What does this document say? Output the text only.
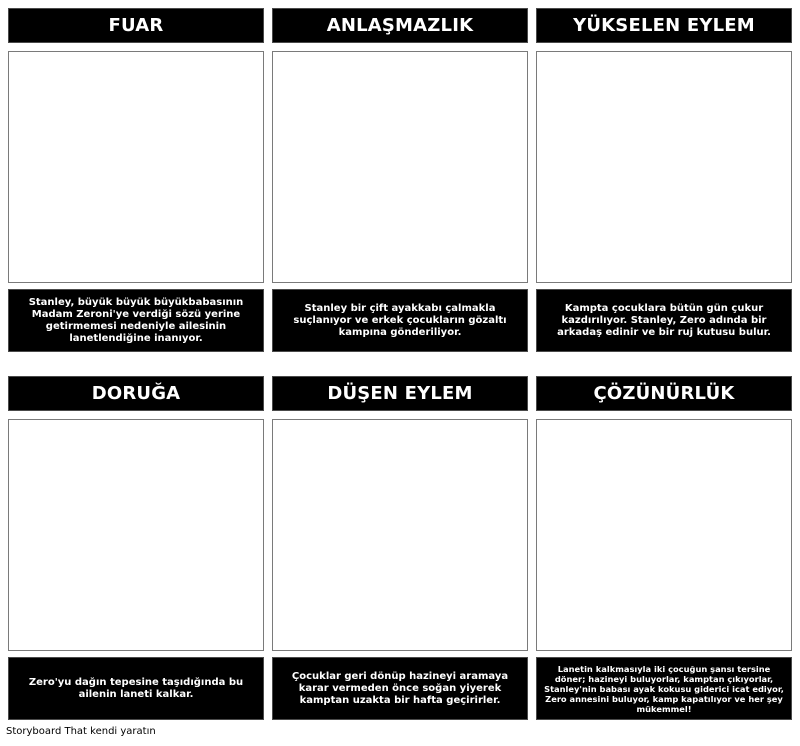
FUAR
Stanley, büyük büyük büyükbabasının Madam Zeroni'ye verdiği sözü yerine getirmemesi nedeniyle ailesinin lanetlendiğine inanıyor.
ANLAŞMAZLIK
Stanley bir çift ayakkabı çalmakla suçlanıyor ve erkek çocukların gözaltı kampına gönderiliyor.
YÜKSELEN EYLEM
Kampta çocuklara bütün gün çukur kazdırılıyor. Stanley, Zero adında bir arkadaş edinir ve bir ruj kutusu bulur.
DORUĞA
Zero'yu dağın tepesine taşıdığında bu ailenin laneti kalkar.
DÜŞEN EYLEM
Çocuklar geri dönüp hazineyi aramaya karar vermeden önce soğan yiyerek kamptan uzakta bir hafta geçirirler.
ÇÖZÜNÜRLÜK
Lanetin kalkmasıyla iki çocuğun şansı tersine döner; hazineyi buluyorlar, kamptan çıkıyorlar, Stanley'nin babası ayak kokusu giderici icat ediyor, Zero annesini buluyor, kamp kapatılıyor ve her şey mükemmel!
Storyboard That kendi yaratın
